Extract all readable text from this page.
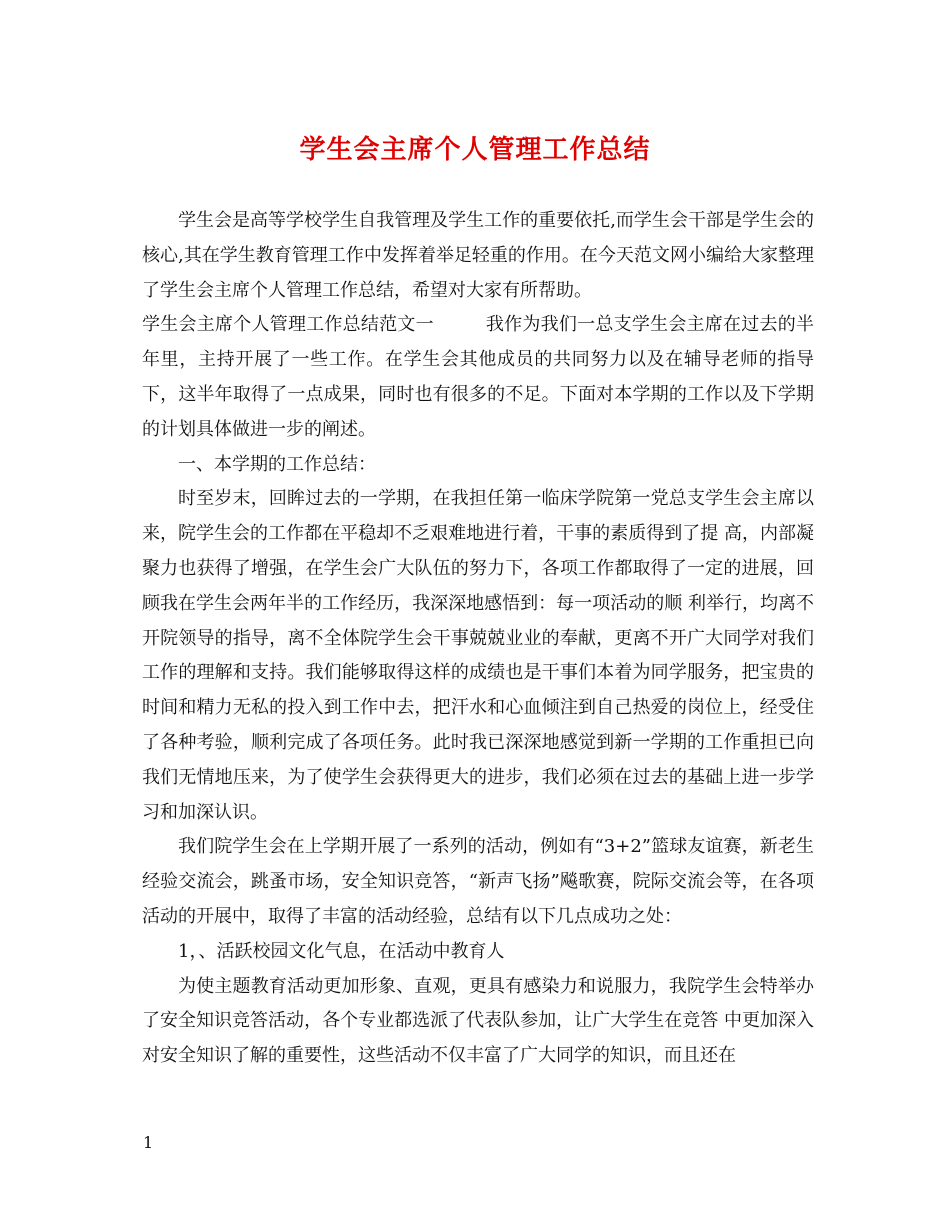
学生会主席个人管理工作总结

学生会是高等学校学生自我管理及学生工作的重要依托,而学生会干部是学生会的核心,其在学生教育管理工作中发挥着举足轻重的作用。在今天范文网小编给大家整理了学生会主席个人管理工作总结，希望对大家有所帮助。

学生会主席个人管理工作总结范文一	我作为我们一总支学生会主席在过去的半年里，主持开展了一些工作。在学生会其他成员的共同努力以及在辅导老师的指导下，这半年取得了一点成果，同时也有很多的不足。下面对本学期的工作以及下学期的计划具体做进一步的阐述。

一、本学期的工作总结：

时至岁末，回眸过去的一学期，在我担任第一临床学院第一党总支学生会主席以来，院学生会的工作都在平稳却不乏艰难地进行着，干事的素质得到了提 高，内部凝聚力也获得了增强，在学生会广大队伍的努力下，各项工作都取得了一定的进展，回顾我在学生会两年半的工作经历，我深深地感悟到：每一项活动的顺 利举行，均离不开院领导的指导，离不全体院学生会干事兢兢业业的奉献，更离不开广大同学对我们工作的理解和支持。我们能够取得这样的成绩也是干事们本着为同学服务，把宝贵的时间和精力无私的投入到工作中去，把汗水和心血倾注到自己热爱的岗位上，经受住了各种考验，顺利完成了各项任务。此时我已深深地感觉到新一学期的工作重担已向我们无情地压来，为了使学生会获得更大的进步，我们必须在过去的基础上进一步学习和加深认识。

我们院学生会在上学期开展了一系列的活动，例如有“3+2”篮球友谊赛，新老生经验交流会，跳蚤市场，安全知识竞答，“新声飞扬”飚歌赛，院际交流会等，在各项活动的开展中，取得了丰富的活动经验，总结有以下几点成功之处：

1，、活跃校园文化气息，在活动中教育人

为使主题教育活动更加形象、直观，更具有感染力和说服力，我院学生会特举办了安全知识竞答活动，各个专业都选派了代表队参加，让广大学生在竞答 中更加深入对安全知识了解的重要性，这些活动不仅丰富了广大同学的知识，而且还在

1
